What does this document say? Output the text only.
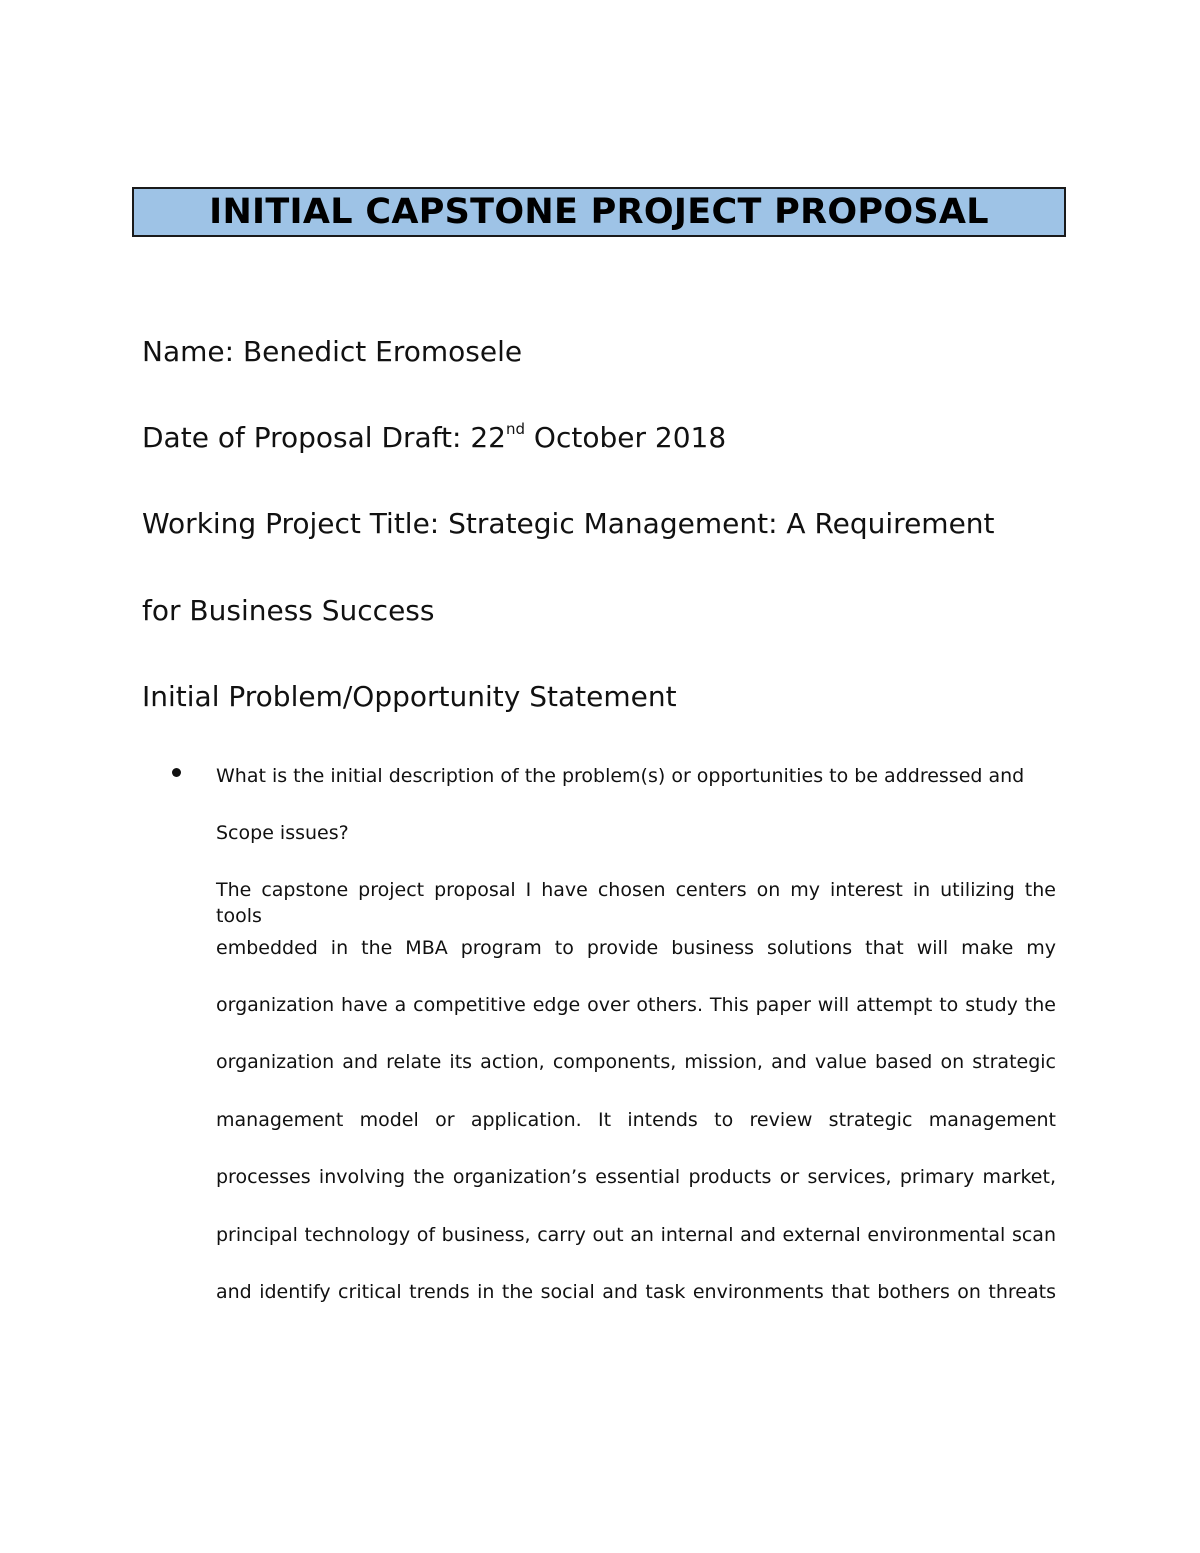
INITIAL CAPSTONE PROJECT PROPOSAL
Name: Benedict Eromosele
Date of Proposal Draft: 22nd October 2018
Working Project Title: Strategic Management: A Requirement
for Business Success
Initial Problem/Opportunity Statement
What is the initial description of the problem(s) or opportunities to be addressed and
Scope issues?
The capstone project proposal I have chosen centers on my interest in utilizing the tools
embedded in the MBA program to provide business solutions that will make my
organization have a competitive edge over others. This paper will attempt to study the
organization and relate its action, components, mission, and value based on strategic
management model or application. It intends to review strategic management
processes involving the organization’s essential products or services, primary market,
principal technology of business, carry out an internal and external environmental scan
and identify critical trends in the social and task environments that bothers on threats
